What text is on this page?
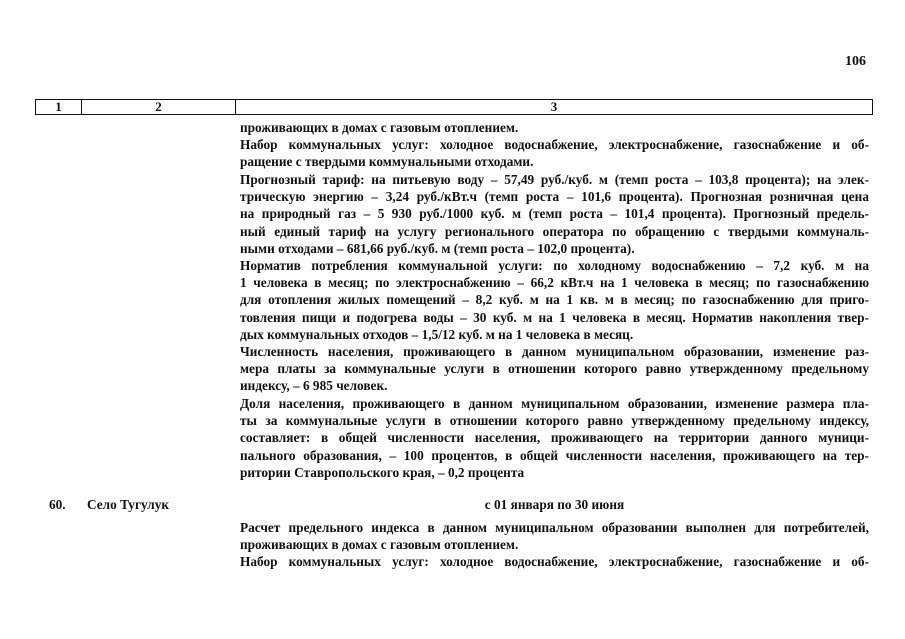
106
1	2	3
проживающих в домах с газовым отоплением.
Набор коммунальных услуг: холодное водоснабжение, электроснабжение, газоснабжение и об-
ращение с твердыми коммунальными отходами.
Прогнозный тариф: на питьевую воду – 57,49 руб./куб. м (темп роста – 103,8 процента); на элек-
трическую энергию – 3,24 руб./кВт.ч (темп роста – 101,6 процента). Прогнозная розничная цена
на природный газ – 5 930 руб./1000 куб. м (темп роста – 101,4 процента). Прогнозный предель-
ный единый тариф на услугу регионального оператора по обращению с твердыми коммуналь-
ными отходами – 681,66 руб./куб. м (темп роста – 102,0 процента).
Норматив потребления коммунальной услуги: по холодному водоснабжению – 7,2 куб. м на
1 человека в месяц; по электроснабжению – 66,2 кВт.ч на 1 человека в месяц; по газоснабжению
для отопления жилых помещений – 8,2 куб. м на 1 кв. м в месяц; по газоснабжению для приго-
товления пищи и подогрева воды – 30 куб. м на 1 человека в месяц. Норматив накопления твер-
дых коммунальных отходов – 1,5/12 куб. м на 1 человека в месяц.
Численность населения, проживающего в данном муниципальном образовании, изменение раз-
мера платы за коммунальные услуги в отношении которого равно утвержденному предельному
индексу, – 6 985 человек.
Доля населения, проживающего в данном муниципальном образовании, изменение размера пла-
ты за коммунальные услуги в отношении которого равно утвержденному предельному индексу,
составляет: в общей численности населения, проживающего на территории данного муници-
пального образования, – 100 процентов, в общей численности населения, проживающего на тер-
ритории Ставропольского края, – 0,2 процента
60. Село Тугулук	с 01 января по 30 июня
Расчет предельного индекса в данном муниципальном образовании выполнен для потребителей,
проживающих в домах с газовым отоплением.
Набор коммунальных услуг: холодное водоснабжение, электроснабжение, газоснабжение и об-
